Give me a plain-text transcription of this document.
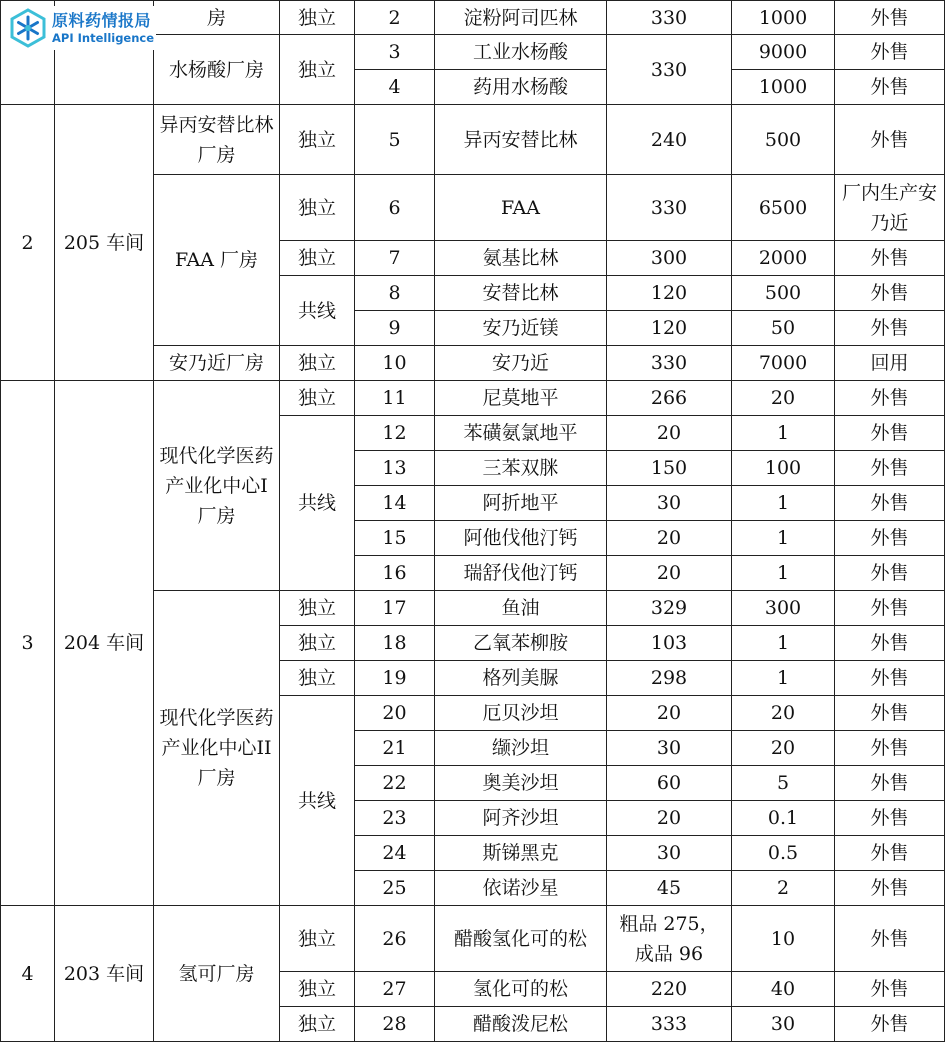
原料药情报局
API Intelligence
		房	独立	2	淀粉阿司匹林	330	1000	外售
		水杨酸厂房	独立	3	工业水杨酸	330	9000	外售
				4	药用水杨酸		1000	外售
2	205 车间	异丙安替比林厂房	独立	5	异丙安替比林	240	500	外售
		FAA 厂房	独立	6	FAA	330	6500	厂内生产安乃近
			独立	7	氨基比林	300	2000	外售
			共线	8	安替比林	120	500	外售
				9	安乃近镁	120	50	外售
		安乃近厂房	独立	10	安乃近	330	7000	回用
3	204 车间	现代化学医药产业化中心I厂房	独立	11	尼莫地平	266	20	外售
			共线	12	苯磺氨氯地平	20	1	外售
				13	三苯双脒	150	100	外售
				14	阿折地平	30	1	外售
				15	阿他伐他汀钙	20	1	外售
				16	瑞舒伐他汀钙	20	1	外售
		现代化学医药产业化中心II厂房	独立	17	鱼油	329	300	外售
			独立	18	乙氧苯柳胺	103	1	外售
			独立	19	格列美脲	298	1	外售
			共线	20	厄贝沙坦	20	20	外售
				21	缬沙坦	30	20	外售
				22	奥美沙坦	60	5	外售
				23	阿齐沙坦	20	0.1	外售
				24	斯锑黑克	30	0.5	外售
				25	依诺沙星	45	2	外售
4	203 车间	氢可厂房	独立	26	醋酸氢化可的松	粗品 275，成品 96	10	外售
			独立	27	氢化可的松	220	40	外售
			独立	28	醋酸泼尼松	333	30	外售
